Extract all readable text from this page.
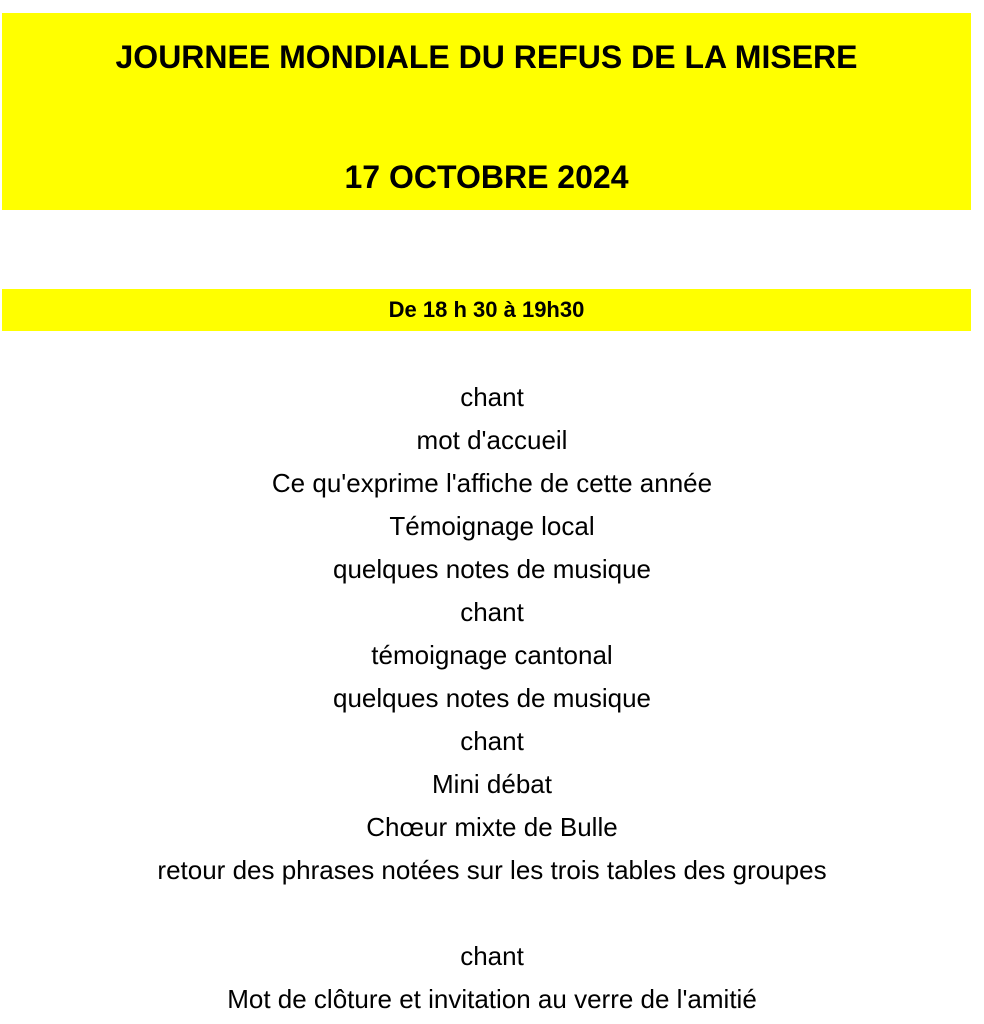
JOURNEE MONDIALE DU REFUS DE LA MISERE
17 OCTOBRE 2024
De 18 h 30 à 19h30
chant
mot d'accueil
Ce qu'exprime l'affiche de cette année
Témoignage local
quelques notes de musique
chant
témoignage cantonal
quelques notes de musique
chant
Mini débat
Chœur mixte de Bulle
retour des phrases notées sur les trois tables des groupes
chant
Mot de clôture et invitation au verre de l'amitié
